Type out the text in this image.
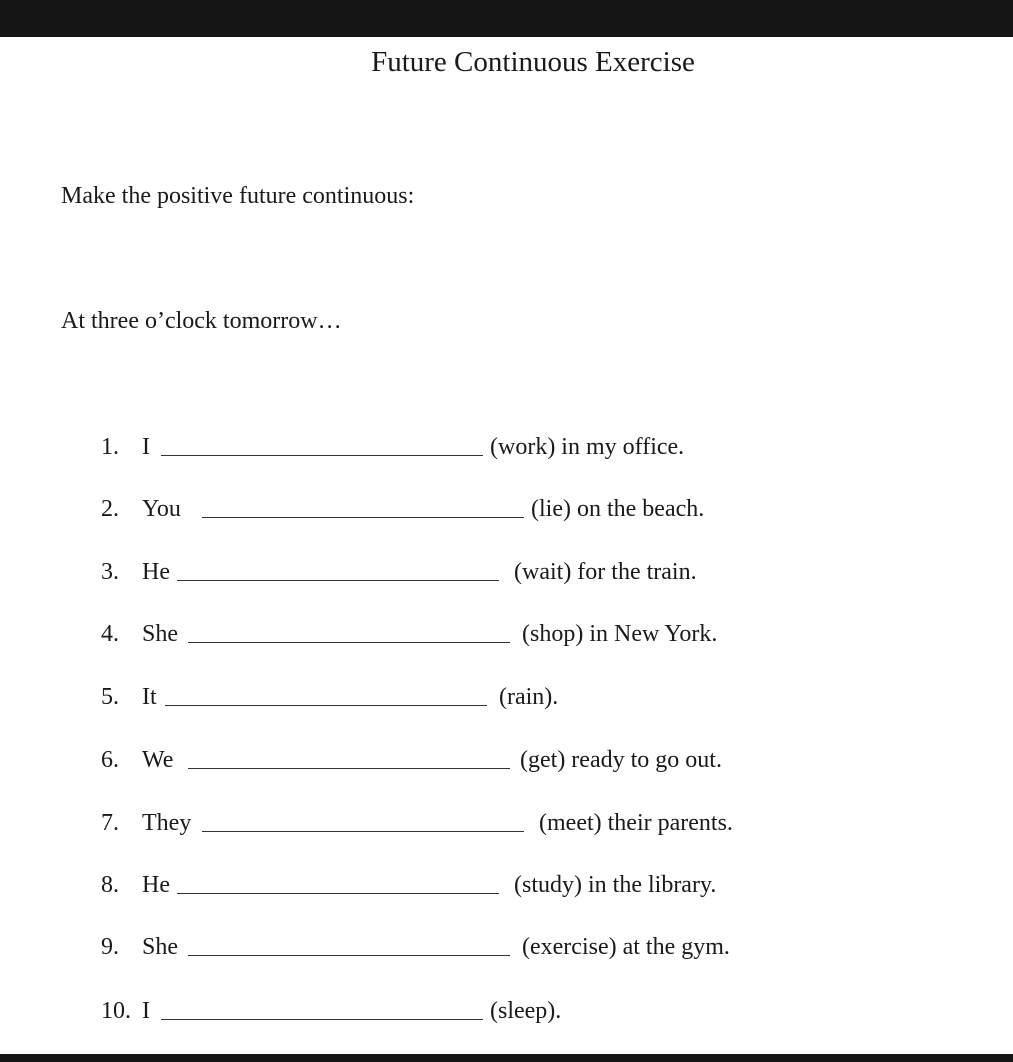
Future Continuous Exercise

Make the positive future continuous:

At three o’clock tomorrow…

1. I	(work) in my office.
2. You	(lie) on the beach.
3. He	(wait) for the train.
4. She	(shop) in New York.
5. It	(rain).
6. We	(get) ready to go out.
7. They	(meet) their parents.
8. He	(study) in the library.
9. She	(exercise) at the gym.
10. I	(sleep).
